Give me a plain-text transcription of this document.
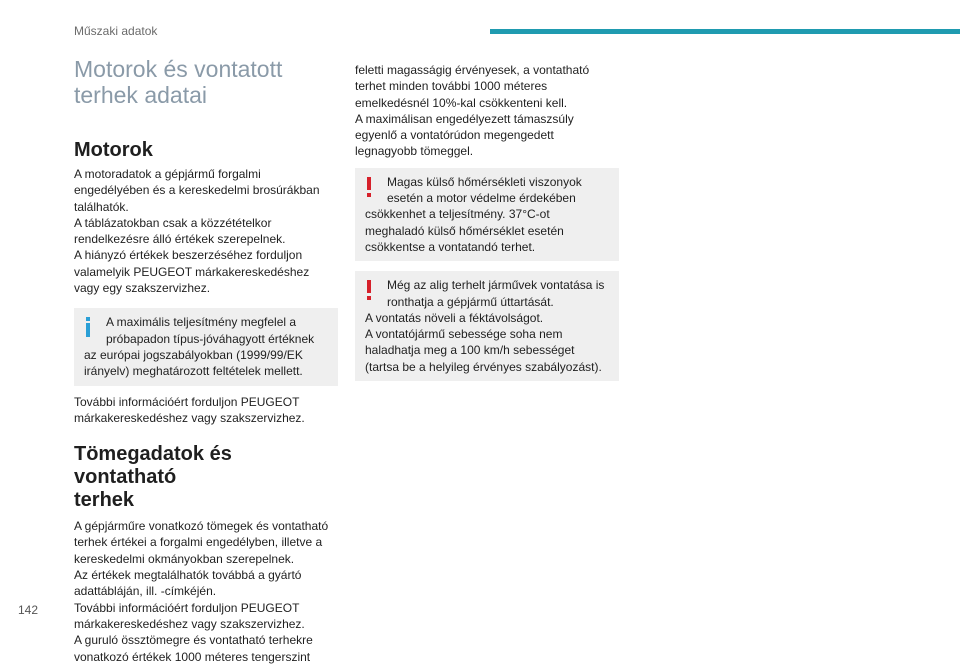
Műszaki adatok
142
Motorok és vontatott
terhek adatai
Motorok

A motoradatok a gépjármű forgalmi
engedélyében és a kereskedelmi brosúrákban
találhatók.
A táblázatokban csak a közzétételkor
rendelkezésre álló értékek szerepelnek.
A hiányzó értékek beszerzéséhez forduljon
valamelyik PEUGEOT márkakereskedéshez
vagy egy szakszervizhez.

A maximális teljesítmény megfelel a
próbapadon típus-jóváhagyott értéknek
az európai jogszabályokban (1999/99/EK
irányelv) meghatározott feltételek mellett.

További információért forduljon PEUGEOT
márkakereskedéshez vagy szakszervizhez.

Tömegadatok és vontatható
terhek

A gépjárműre vonatkozó tömegek és vontatható
terhek értékei a forgalmi engedélyben, illetve a
kereskedelmi okmányokban szerepelnek.
Az értékek megtalálhatók továbbá a gyártó
adattábláján, ill. -címkéjén.
További információért forduljon PEUGEOT
márkakereskedéshez vagy szakszervizhez.
A guruló össztömegre és vontatható terhekre
vonatkozó értékek 1000 méteres tengerszint

feletti magasságig érvényesek, a vontatható
terhet minden további 1000 méteres
emelkedésnél 10%-kal csökkenteni kell.
A maximálisan engedélyezett támaszsúly
egyenlő a vontatórúdon megengedett
legnagyobb tömeggel.

Magas külső hőmérsékleti viszonyok
esetén a motor védelme érdekében
csökkenhet a teljesítmény. 37°C-ot
meghaladó külső hőmérséklet esetén
csökkentse a vontatandó terhet.
Még az alig terhelt járművek vontatása is
ronthatja a gépjármű úttartását.
A vontatás növeli a féktávolságot.
A vontatójármű sebessége soha nem
haladhatja meg a 100 km/h sebességet
(tartsa be a helyileg érvényes szabályozást).
